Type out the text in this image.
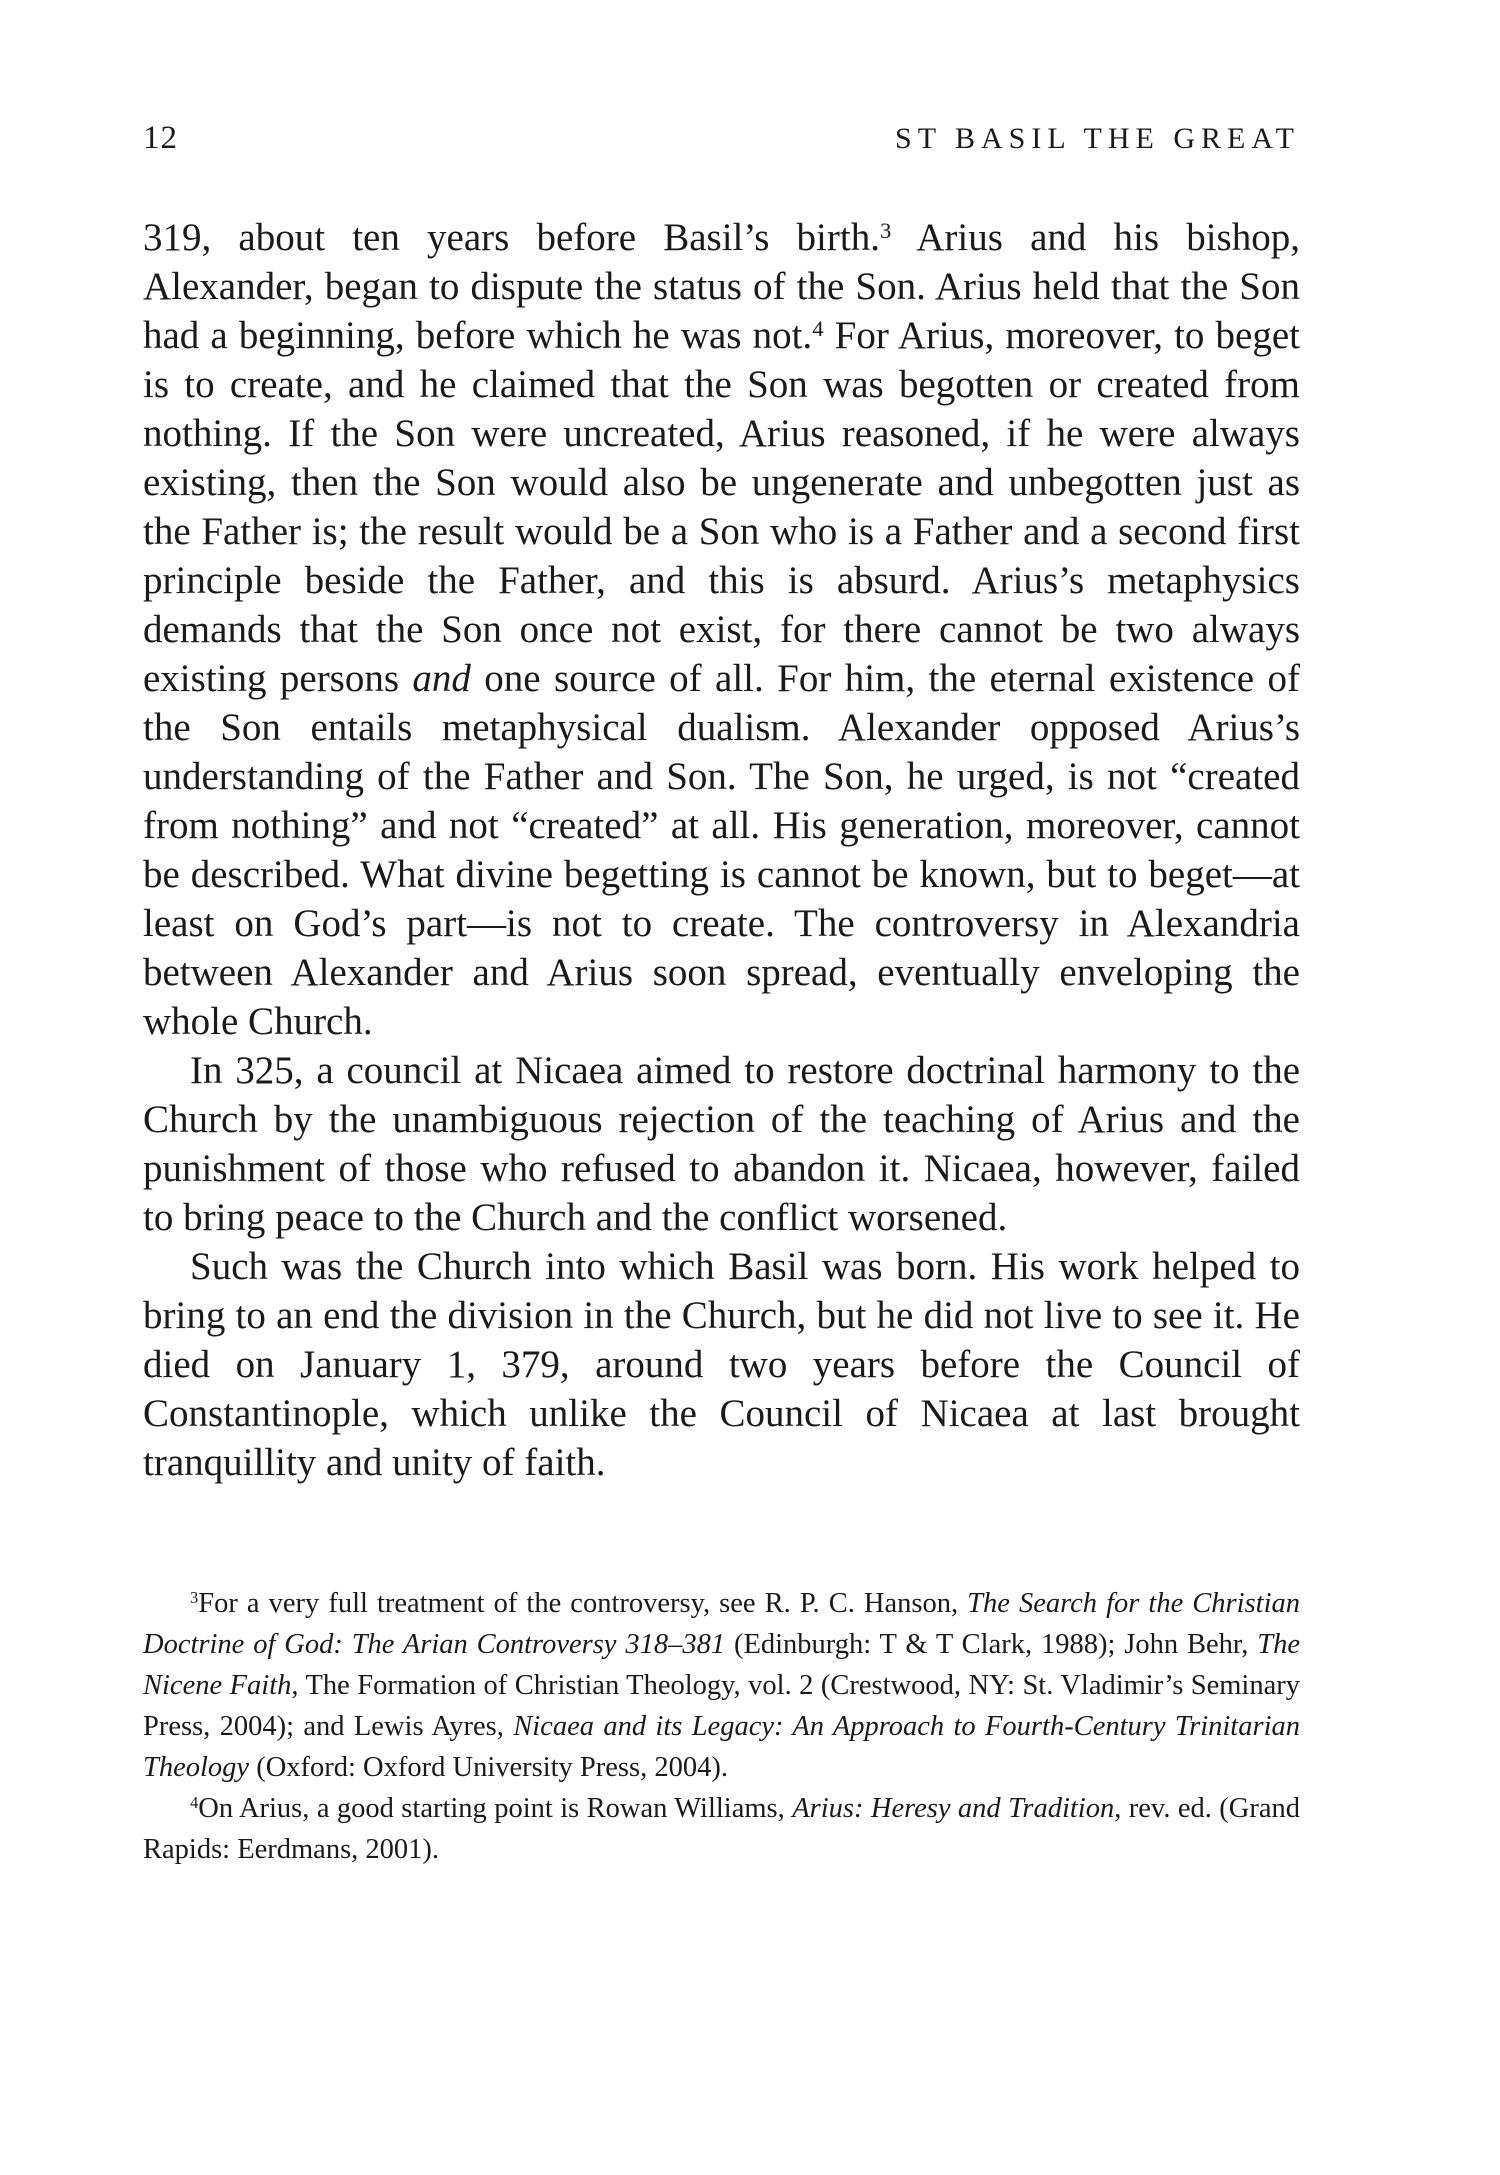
12	ST BASIL THE GREAT

319, about ten years before Basil’s birth.$^3$ Arius and his bishop, Alexander, began to dispute the status of the Son. Arius held that the Son had a beginning, before which he was not.$^4$ For Arius, moreover, to beget is to create, and he claimed that the Son was begotten or created from nothing. If the Son were uncreated, Arius reasoned, if he were always existing, then the Son would also be ungenerate and unbegotten just as the Father is; the result would be a Son who is a Father and a second first principle beside the Father, and this is absurd. Arius’s metaphysics demands that the Son once not exist, for there cannot be two always existing persons and one source of all. For him, the eternal existence of the Son entails metaphysical dualism. Alexander opposed Arius’s understanding of the Father and Son. The Son, he urged, is not “created from nothing” and not “created” at all. His generation, moreover, cannot be described. What divine begetting is cannot be known, but to beget—at least on God’s part—is not to create. The controversy in Alexandria between Alexander and Arius soon spread, eventually enveloping the whole Church.

In 325, a council at Nicaea aimed to restore doctrinal harmony to the Church by the unambiguous rejection of the teaching of Arius and the punishment of those who refused to abandon it. Nicaea, however, failed to bring peace to the Church and the conflict worsened.

Such was the Church into which Basil was born. His work helped to bring to an end the division in the Church, but he did not live to see it. He died on January 1, 379, around two years before the Council of Constantinople, which unlike the Council of Nicaea at last brought tranquillity and unity of faith.

$^3$For a very full treatment of the controversy, see R. P. C. Hanson, The Search for the Christian Doctrine of God: The Arian Controversy 318–381 (Edinburgh: T & T Clark, 1988); John Behr, The Nicene Faith, The Formation of Christian Theology, vol. 2 (Crestwood, NY: St. Vladimir’s Seminary Press, 2004); and Lewis Ayres, Nicaea and its Legacy: An Approach to Fourth-Century Trinitarian Theology (Oxford: Oxford University Press, 2004).

$^4$On Arius, a good starting point is Rowan Williams, Arius: Heresy and Tradition, rev. ed. (Grand Rapids: Eerdmans, 2001).
